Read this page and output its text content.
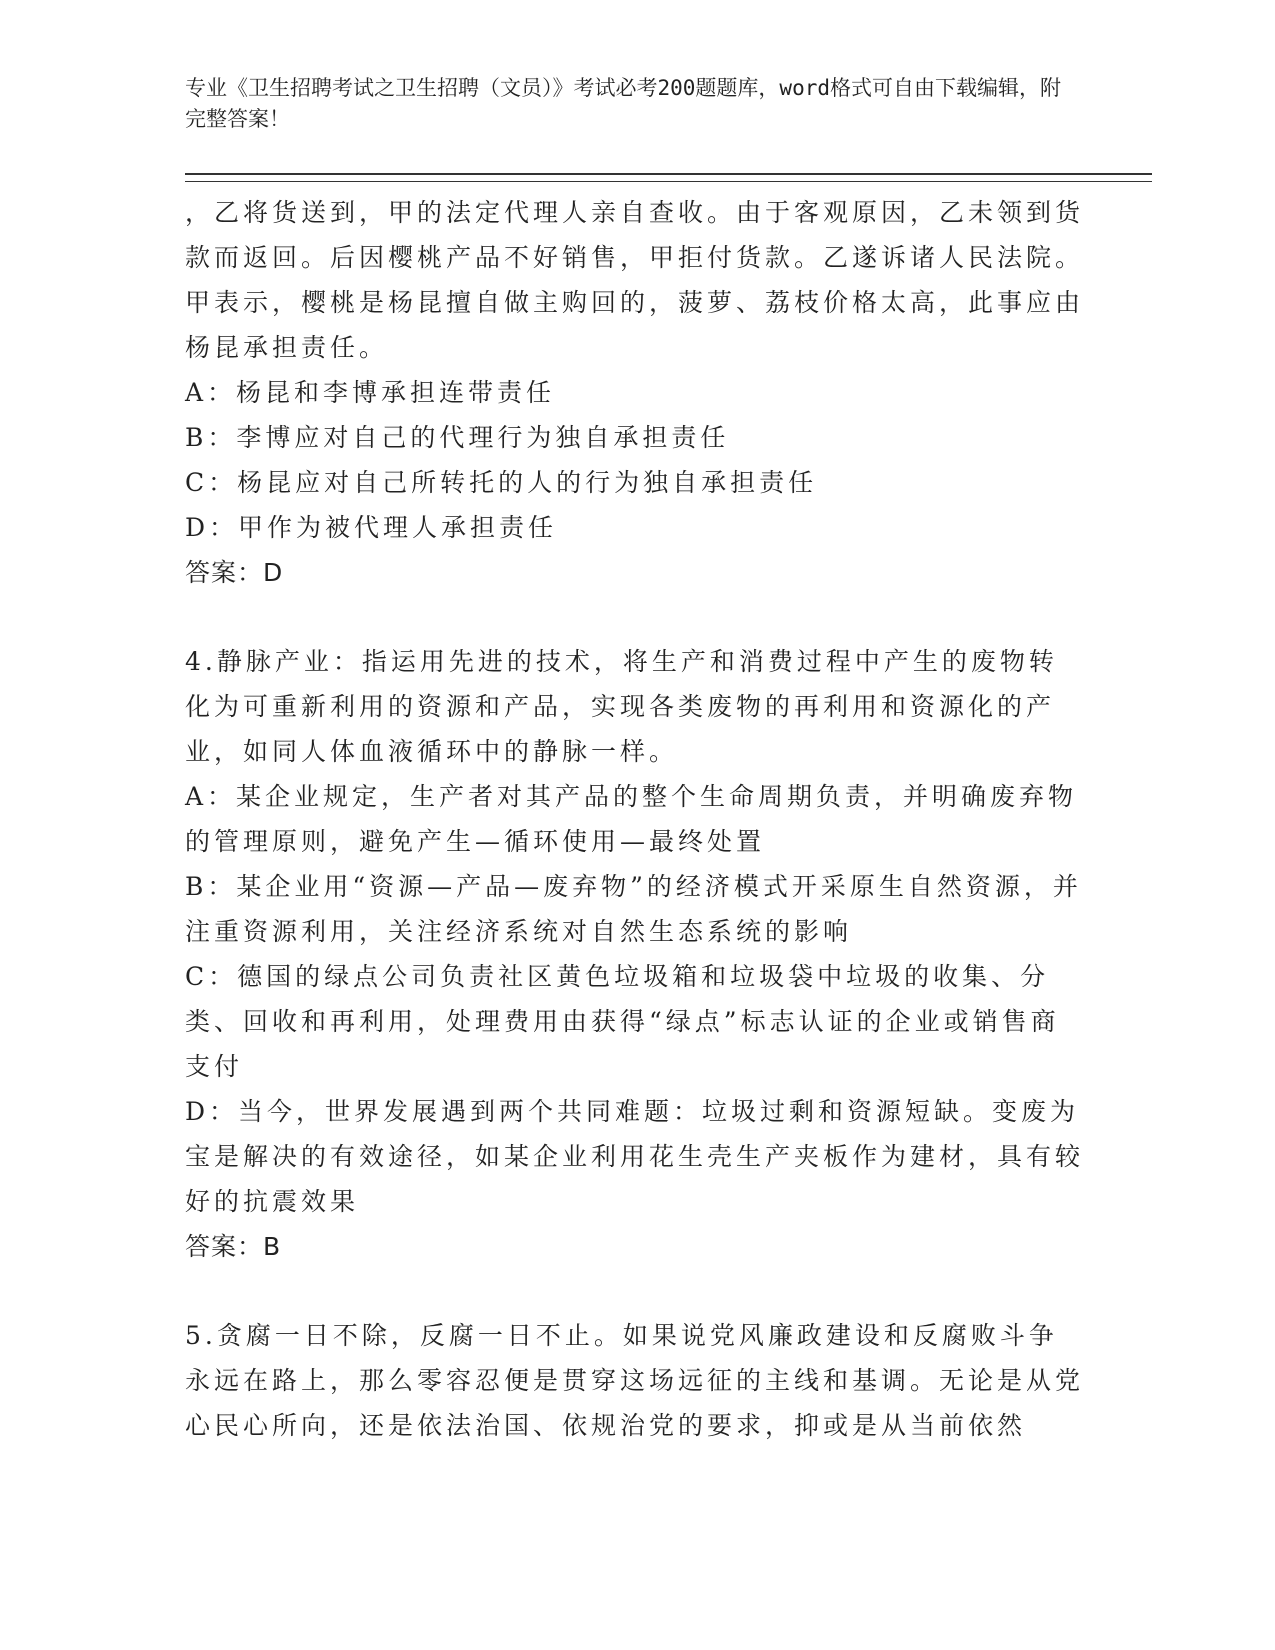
专业《卫生招聘考试之卫生招聘（文员）》考试必考200题题库，word格式可自由下载编辑，附完整答案！

，乙将货送到，甲的法定代理人亲自查收。由于客观原因，乙未领到货款而返回。后因樱桃产品不好销售，甲拒付货款。乙遂诉诸人民法院。甲表示，樱桃是杨昆擅自做主购回的，菠萝、荔枝价格太高，此事应由杨昆承担责任。

A：杨昆和李博承担连带责任

B：李博应对自己的代理行为独自承担责任

C：杨昆应对自己所转托的人的行为独自承担责任

D：甲作为被代理人承担责任

答案：D

4.静脉产业：指运用先进的技术，将生产和消费过程中产生的废物转化为可重新利用的资源和产品，实现各类废物的再利用和资源化的产业，如同人体血液循环中的静脉一样。

A：某企业规定，生产者对其产品的整个生命周期负责，并明确废弃物的管理原则，避免产生—循环使用—最终处置

B：某企业用“资源—产品—废弃物”的经济模式开采原生自然资源，并注重资源利用，关注经济系统对自然生态系统的影响

C：德国的绿点公司负责社区黄色垃圾箱和垃圾袋中垃圾的收集、分类、回收和再利用，处理费用由获得“绿点”标志认证的企业或销售商支付

D：当今，世界发展遇到两个共同难题：垃圾过剩和资源短缺。变废为宝是解决的有效途径，如某企业利用花生壳生产夹板作为建材，具有较好的抗震效果

答案：B

5.贪腐一日不除，反腐一日不止。如果说党风廉政建设和反腐败斗争永远在路上，那么零容忍便是贯穿这场远征的主线和基调。无论是从党心民心所向，还是依法治国、依规治党的要求，抑或是从当前依然
